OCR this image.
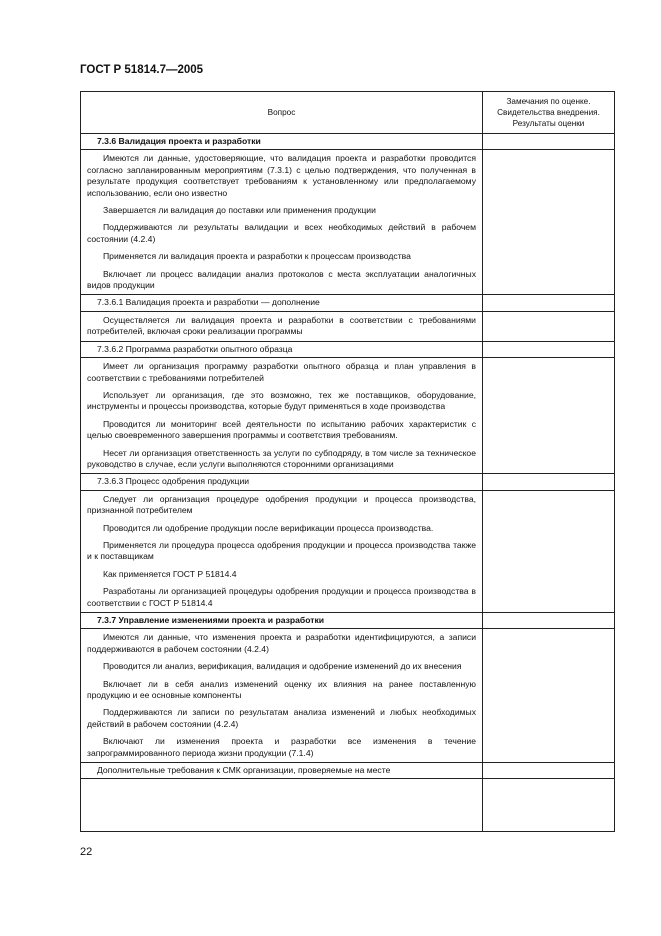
ГОСТ Р 51814.7—2005
Вопрос	Замечания по оценке. Свидетельства внедрения. Результаты оценки
7.3.6 Валидация проекта и разработки	

Имеются ли данные, удостоверяющие, что валидация проекта и разработки проводится согласно запланированным мероприятиям (7.3.1) с целью подтверждения, что полученная в результате продукция соответствует требованиям к установленному или предполагаемому использованию, если оно известно

Завершается ли валидация до поставки или применения продукции

Поддерживаются ли результаты валидации и всех необходимых действий в рабочем состоянии (4.2.4)

Применяется ли валидация проекта и разработки к процессам производства

Включает ли процесс валидации анализ протоколов с места эксплуатации аналогичных видов продукции	

7.3.6.1 Валидация проекта и разработки — дополнение	

Осуществляется ли валидация проекта и разработки в соответствии с требованиями потребителей, включая сроки реализации программы	

7.3.6.2 Программа разработки опытного образца	

Имеет ли организация программу разработки опытного образца и план управления в соответствии с требованиями потребителей

Использует ли организация, где это возможно, тех же поставщиков, оборудование, инструменты и процессы производства, которые будут применяться в ходе производства

Проводится ли мониторинг всей деятельности по испытанию рабочих характеристик с целью своевременного завершения программы и соответствия требованиям.

Несет ли организация ответственность за услуги по субподряду, в том числе за техническое руководство в случае, если услуги выполняются сторонними организациями	

7.3.6.3 Процесс одобрения продукции	

Следует ли организация процедуре одобрения продукции и процесса производства, признанной потребителем

Проводится ли одобрение продукции после верификации процесса производства.

Применяется ли процедура процесса одобрения продукции и процесса производства также и к поставщикам

Как применяется ГОСТ Р 51814.4

Разработаны ли организацией процедуры одобрения продукции и процесса производства в соответствии с ГОСТ Р 51814.4	

7.3.7 Управление изменениями проекта и разработки	

Имеются ли данные, что изменения проекта и разработки идентифицируются, а записи поддерживаются в рабочем состоянии (4.2.4)

Проводится ли анализ, верификация, валидация и одобрение изменений до их внесения

Включает ли в себя анализ изменений оценку их влияния на ранее поставленную продукцию и ее основные компоненты

Поддерживаются ли записи по результатам анализа изменений и любых необходимых действий в рабочем состоянии (4.2.4)

Включают ли изменения проекта и разработки все изменения в течение запрограммированного периода жизни продукции (7.1.4)	

Дополнительные требования к СМК организации, проверяемые на месте	

22
